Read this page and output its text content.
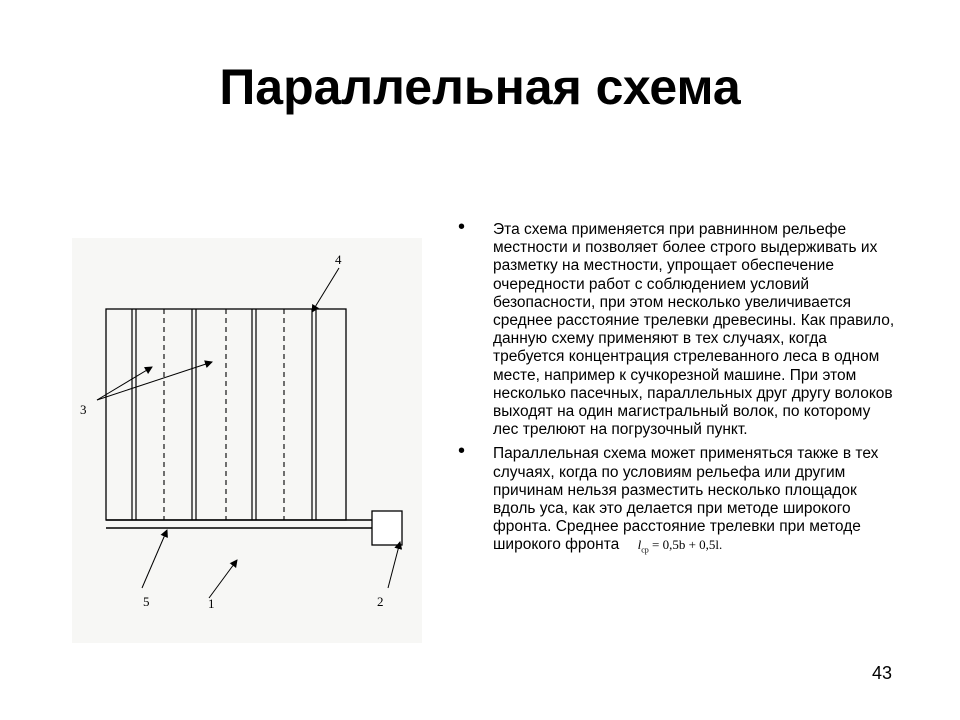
Параллельная схема
4
3
5	1	2
• Эта схема применяется при равнинном рельефе местности и позволяет более строго выдерживать их разметку на местности, упрощает обеспечение очередности работ с соблюдением условий безопасности, при этом несколько увеличивается среднее расстояние трелевки древесины. Как правило, данную схему применяют в тех случаях, когда требуется концентрация стрелеванного леса в одном месте, например к сучкорезной машине. При этом несколько пасечных, параллельных друг другу волоков выходят на один магистральный волок, по которому лес трелюют на погрузочный пункт.
• Параллельная схема может применяться также в тех случаях, когда по условиям рельефа или другим причинам нельзя разместить несколько площадок вдоль уса, как это делается при методе широкого фронта. Среднее расстояние трелевки при методе широкого фронта $l_{ср} = 0,5b + 0,5l$.
43
